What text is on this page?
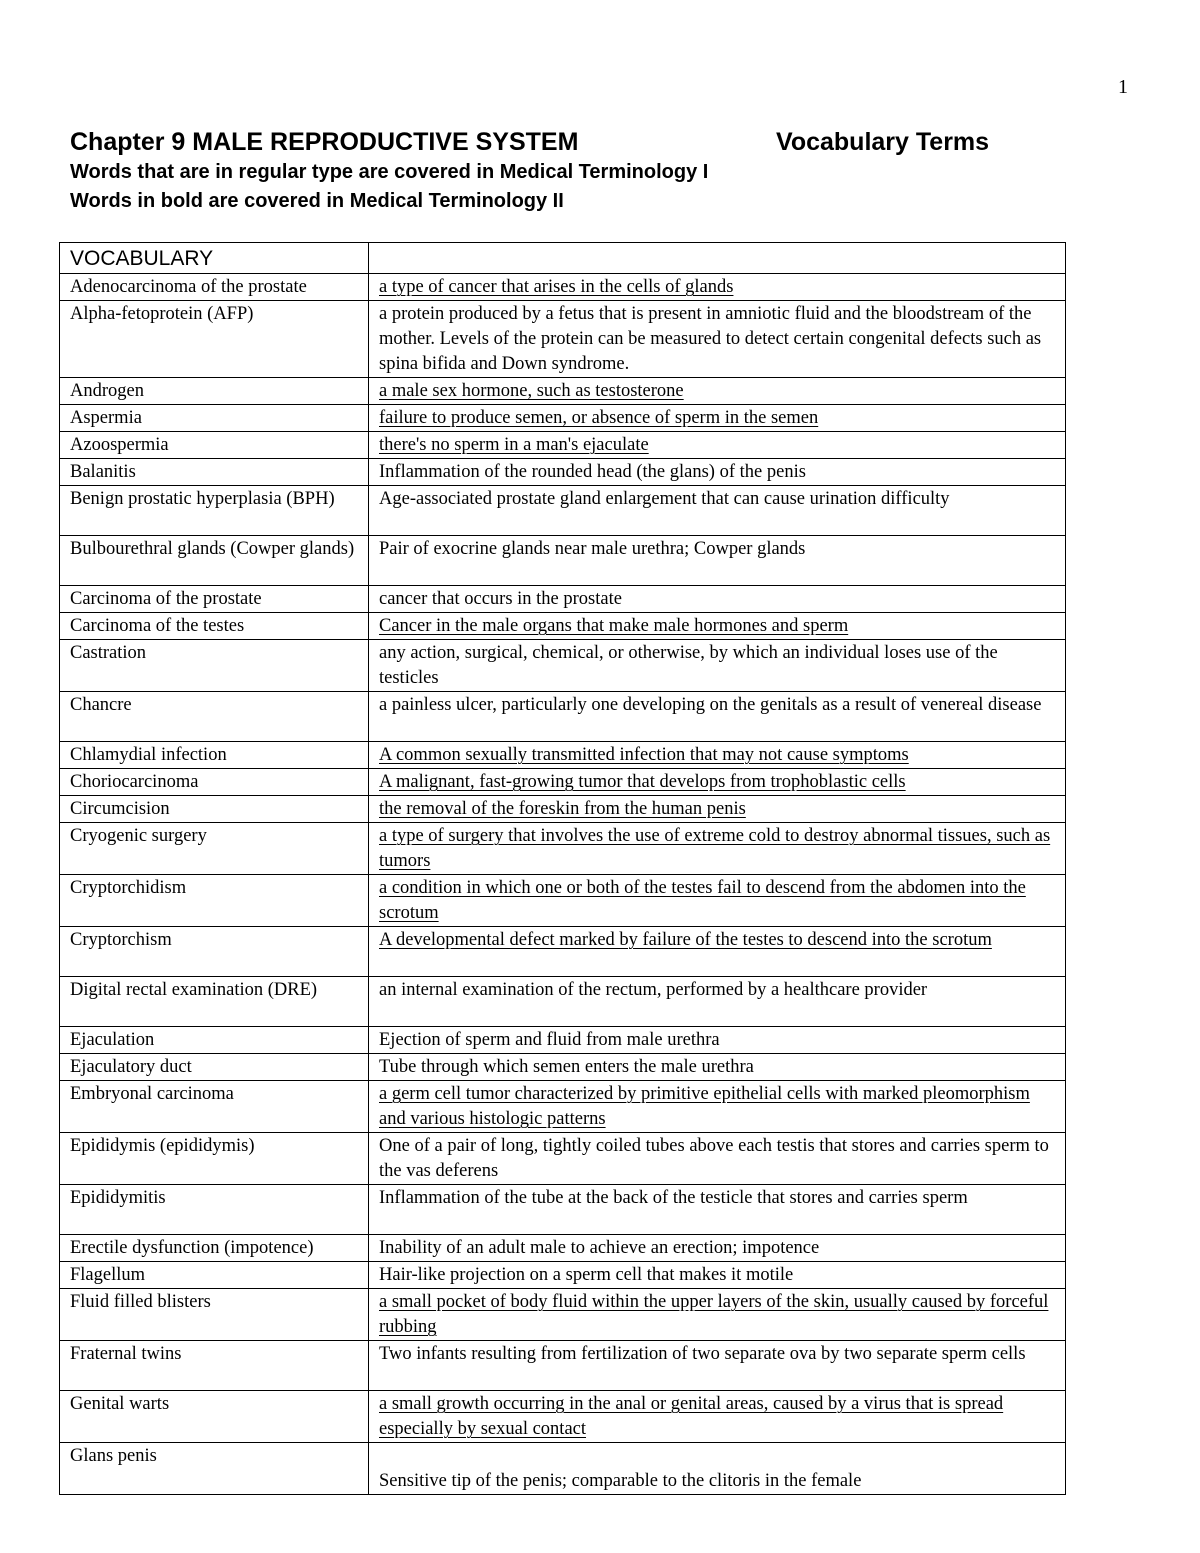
1
Chapter 9 MALE REPRODUCTIVE SYSTEM	Vocabulary Terms
Words that are in regular type are covered in Medical Terminology I
Words in bold are covered in Medical Terminology II
VOCABULARY	
Adenocarcinoma of the prostate	a type of cancer that arises in the cells of glands
Alpha-fetoprotein (AFP)	a protein produced by a fetus that is present in amniotic fluid and the bloodstream of the mother. Levels of the protein can be measured to detect certain congenital defects such as spina bifida and Down syndrome.
Androgen	a male sex hormone, such as testosterone
Aspermia	failure to produce semen, or absence of sperm in the semen
Azoospermia	there's no sperm in a man's ejaculate
Balanitis	Inflammation of the rounded head (the glans) of the penis
Benign prostatic hyperplasia (BPH)	Age-associated prostate gland enlargement that can cause urination difficulty
Bulbourethral glands (Cowper glands)	Pair of exocrine glands near male urethra; Cowper glands
Carcinoma of the prostate	cancer that occurs in the prostate
Carcinoma of the testes	Cancer in the male organs that make male hormones and sperm
Castration	any action, surgical, chemical, or otherwise, by which an individual loses use of the testicles
Chancre	a painless ulcer, particularly one developing on the genitals as a result of venereal disease
Chlamydial infection	A common sexually transmitted infection that may not cause symptoms
Choriocarcinoma	A malignant, fast-growing tumor that develops from trophoblastic cells
Circumcision	the removal of the foreskin from the human penis
Cryogenic surgery	a type of surgery that involves the use of extreme cold to destroy abnormal tissues, such as tumors
Cryptorchidism	a condition in which one or both of the testes fail to descend from the abdomen into the scrotum
Cryptorchism	A developmental defect marked by failure of the testes to descend into the scrotum
Digital rectal examination (DRE)	an internal examination of the rectum, performed by a healthcare provider
Ejaculation	Ejection of sperm and fluid from male urethra
Ejaculatory duct	Tube through which semen enters the male urethra
Embryonal carcinoma	a germ cell tumor characterized by primitive epithelial cells with marked pleomorphism and various histologic patterns
Epididymis (epididymis)	One of a pair of long, tightly coiled tubes above each testis that stores and carries sperm to the vas deferens
Epididymitis	Inflammation of the tube at the back of the testicle that stores and carries sperm
Erectile dysfunction (impotence)	Inability of an adult male to achieve an erection; impotence
Flagellum	Hair-like projection on a sperm cell that makes it motile
Fluid filled blisters	a small pocket of body fluid within the upper layers of the skin, usually caused by forceful rubbing
Fraternal twins	Two infants resulting from fertilization of two separate ova by two separate sperm cells
Genital warts	a small growth occurring in the anal or genital areas, caused by a virus that is spread especially by sexual contact
Glans penis	Sensitive tip of the penis; comparable to the clitoris in the female
